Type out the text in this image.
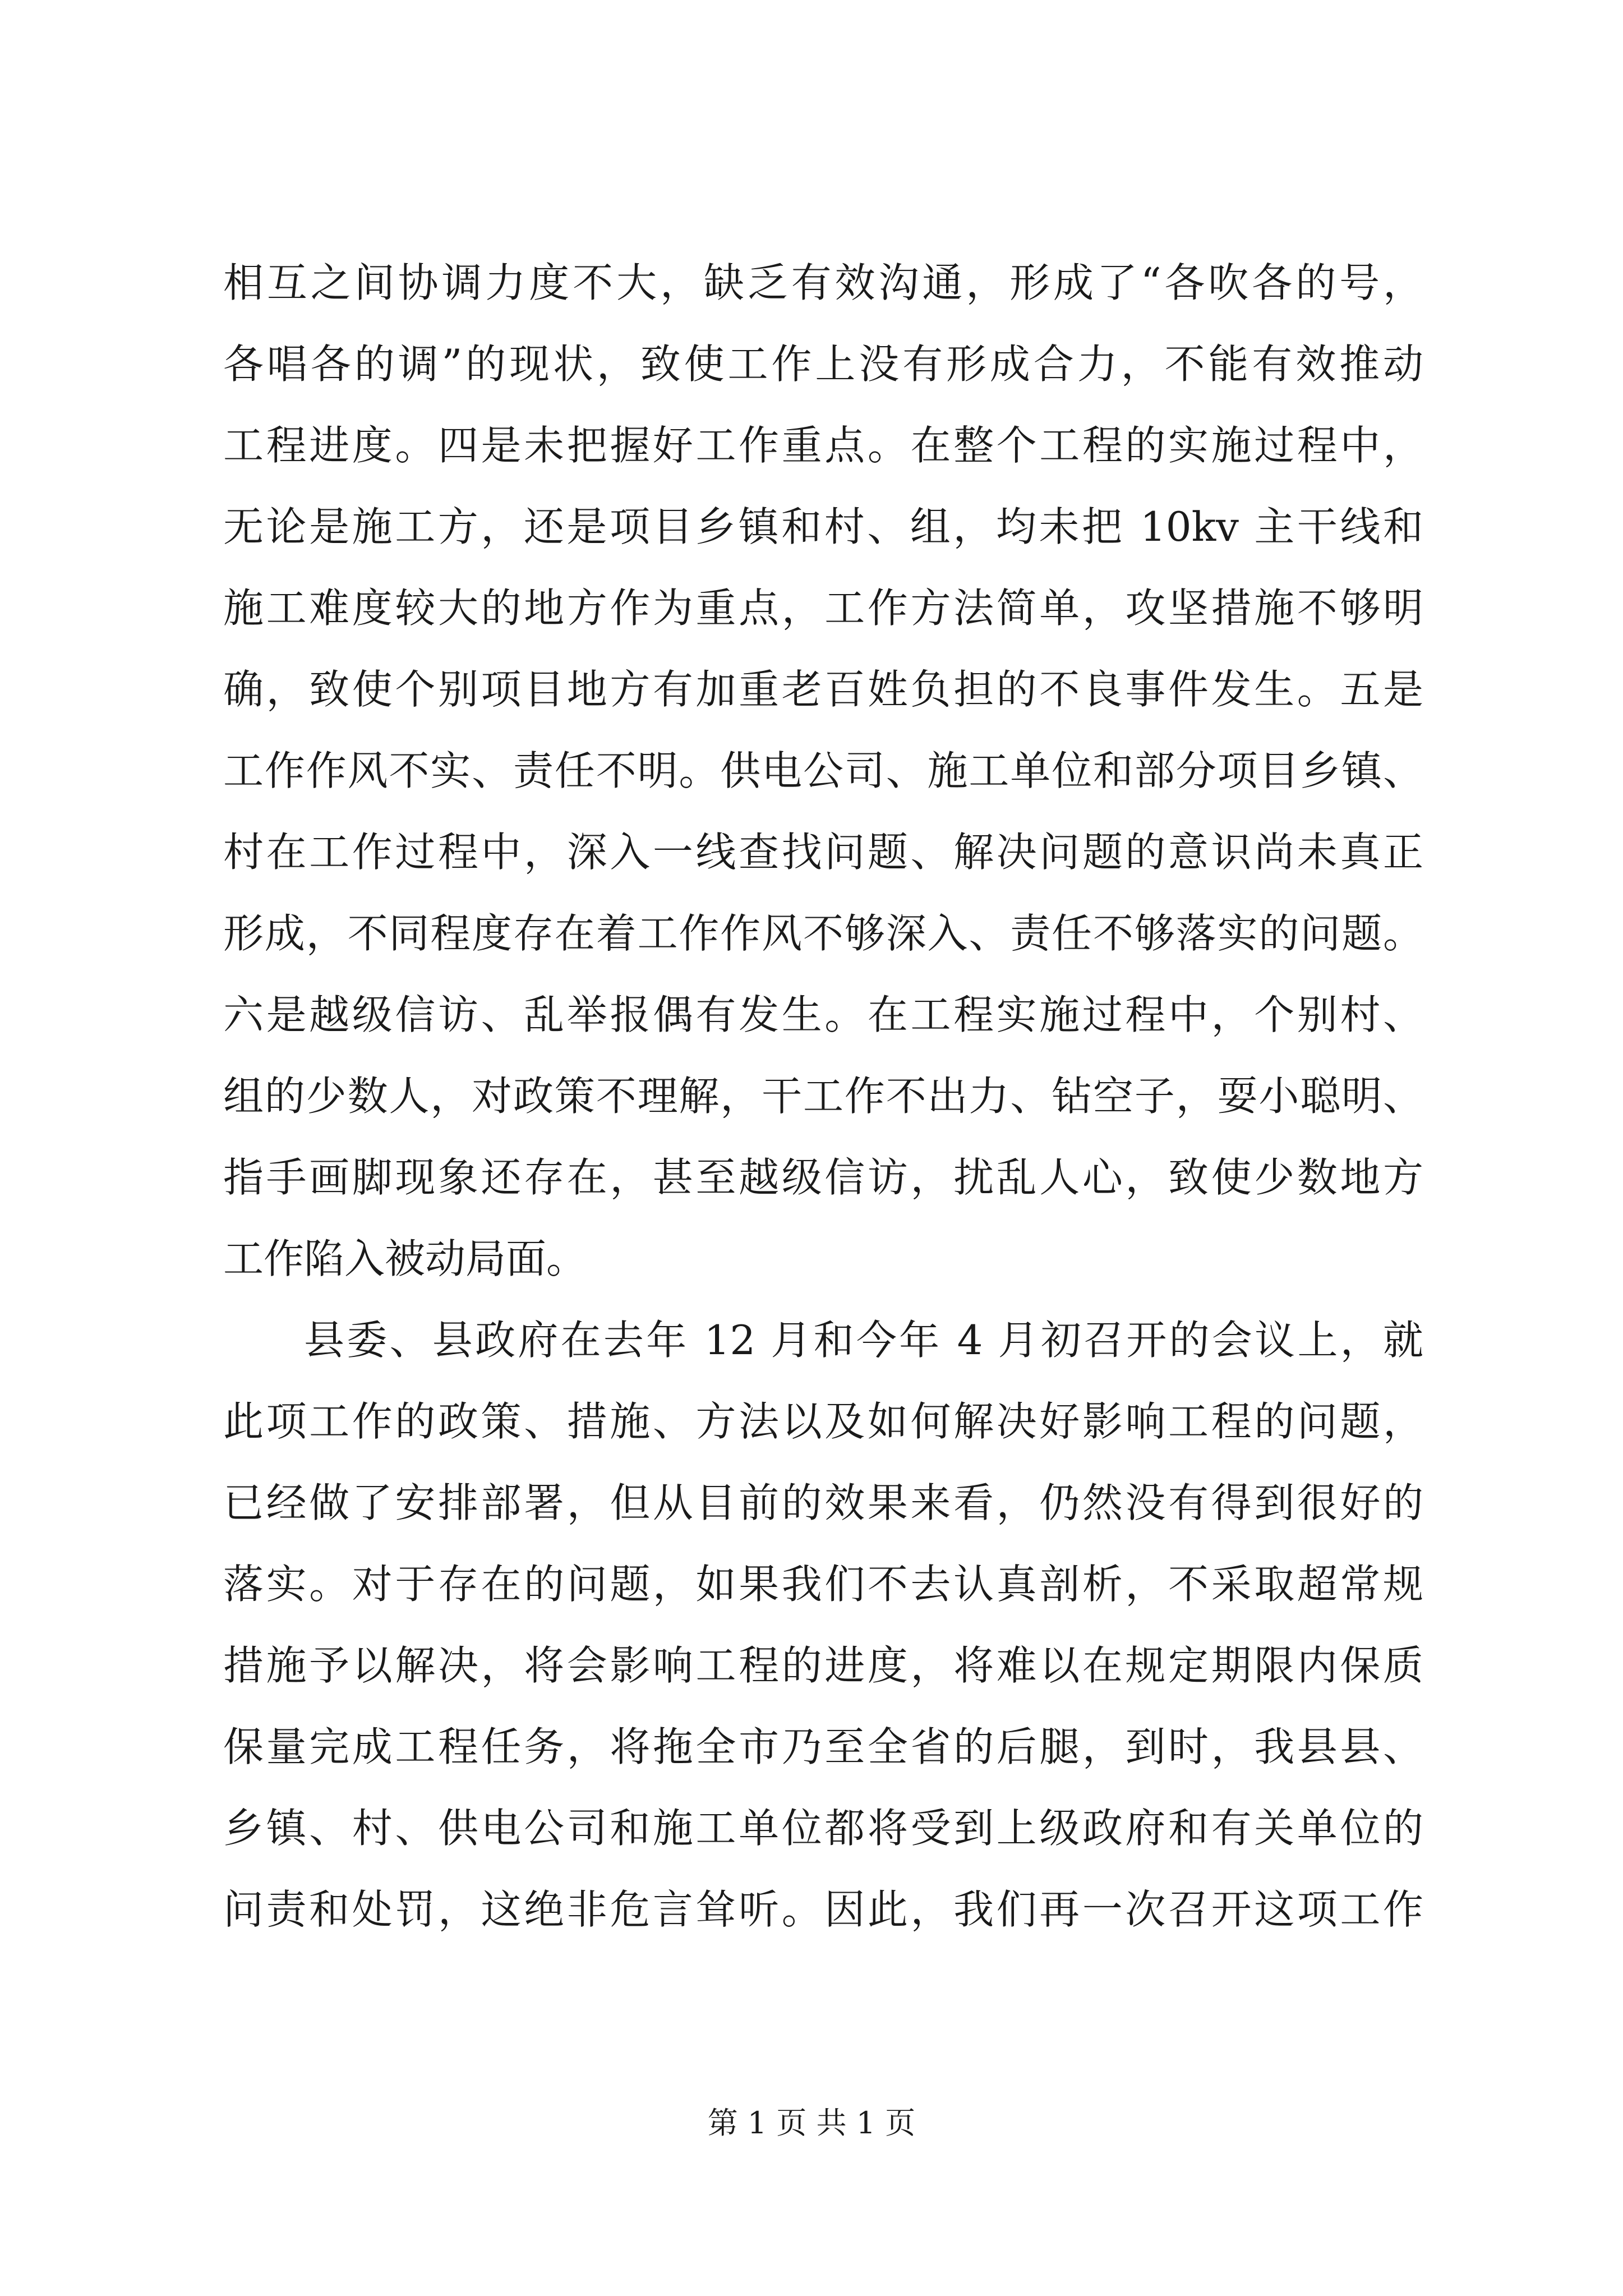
相互之间协调力度不大，缺乏有效沟通，形成了“各吹各的号，
各唱各的调”的现状，致使工作上没有形成合力，不能有效推动
工程进度。四是未把握好工作重点。在整个工程的实施过程中，
无论是施工方，还是项目乡镇和村、组，均未把 10kv 主干线和
施工难度较大的地方作为重点，工作方法简单，攻坚措施不够明
确，致使个别项目地方有加重老百姓负担的不良事件发生。五是
工作作风不实、责任不明。供电公司、施工单位和部分项目乡镇、
村在工作过程中，深入一线查找问题、解决问题的意识尚未真正
形成，不同程度存在着工作作风不够深入、责任不够落实的问题。
六是越级信访、乱举报偶有发生。在工程实施过程中，个别村、
组的少数人，对政策不理解，干工作不出力、钻空子，耍小聪明、
指手画脚现象还存在，甚至越级信访，扰乱人心，致使少数地方
工作陷入被动局面。
县委、县政府在去年 12 月和今年 4 月初召开的会议上，就
此项工作的政策、措施、方法以及如何解决好影响工程的问题，
已经做了安排部署，但从目前的效果来看，仍然没有得到很好的
落实。对于存在的问题，如果我们不去认真剖析，不采取超常规
措施予以解决，将会影响工程的进度，将难以在规定期限内保质
保量完成工程任务，将拖全市乃至全省的后腿，到时，我县县、
乡镇、村、供电公司和施工单位都将受到上级政府和有关单位的
问责和处罚，这绝非危言耸听。因此，我们再一次召开这项工作
第 1 页 共 1 页
